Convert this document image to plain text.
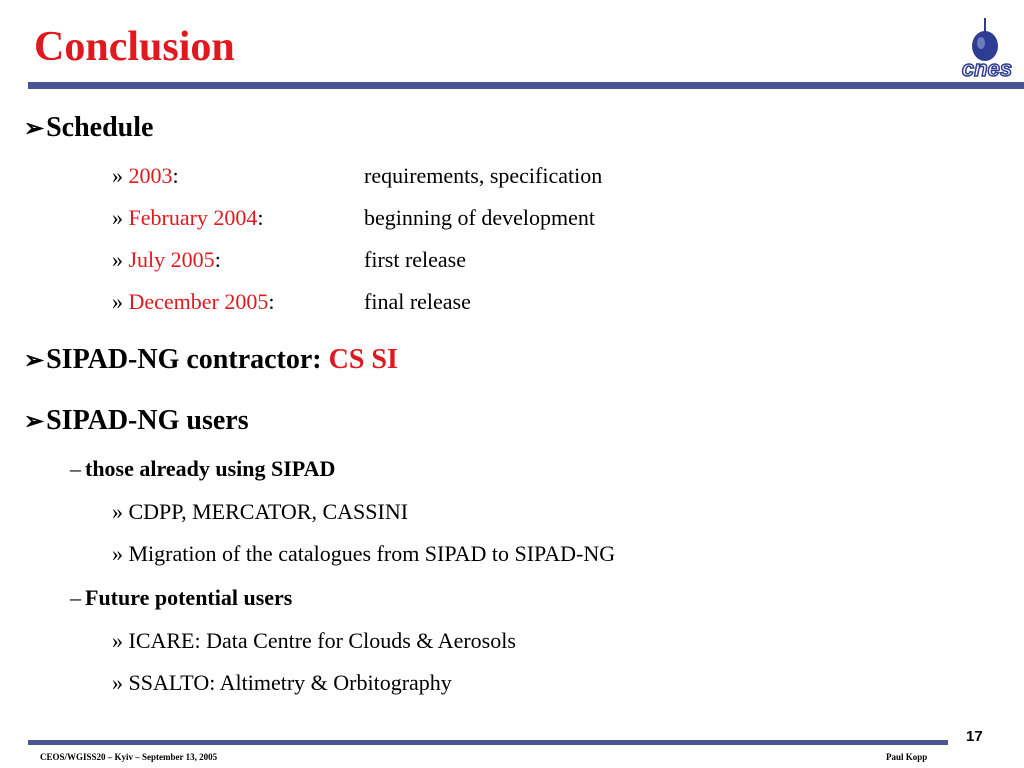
Conclusion	cnes
➢Schedule
» 2003:	requirements, specification
» February 2004:	beginning of development
» July 2005:	first release
» December 2005:	final release
➢SIPAD-NG contractor: CS SI
➢SIPAD-NG users
– those already using SIPAD
» CDPP, MERCATOR, CASSINI
» Migration of the catalogues from SIPAD to SIPAD-NG
– Future potential users
» ICARE: Data Centre for Clouds & Aerosols
» SSALTO: Altimetry & Orbitography
17
CEOS/WGISS20 – Kyiv – September 13, 2005	Paul Kopp
